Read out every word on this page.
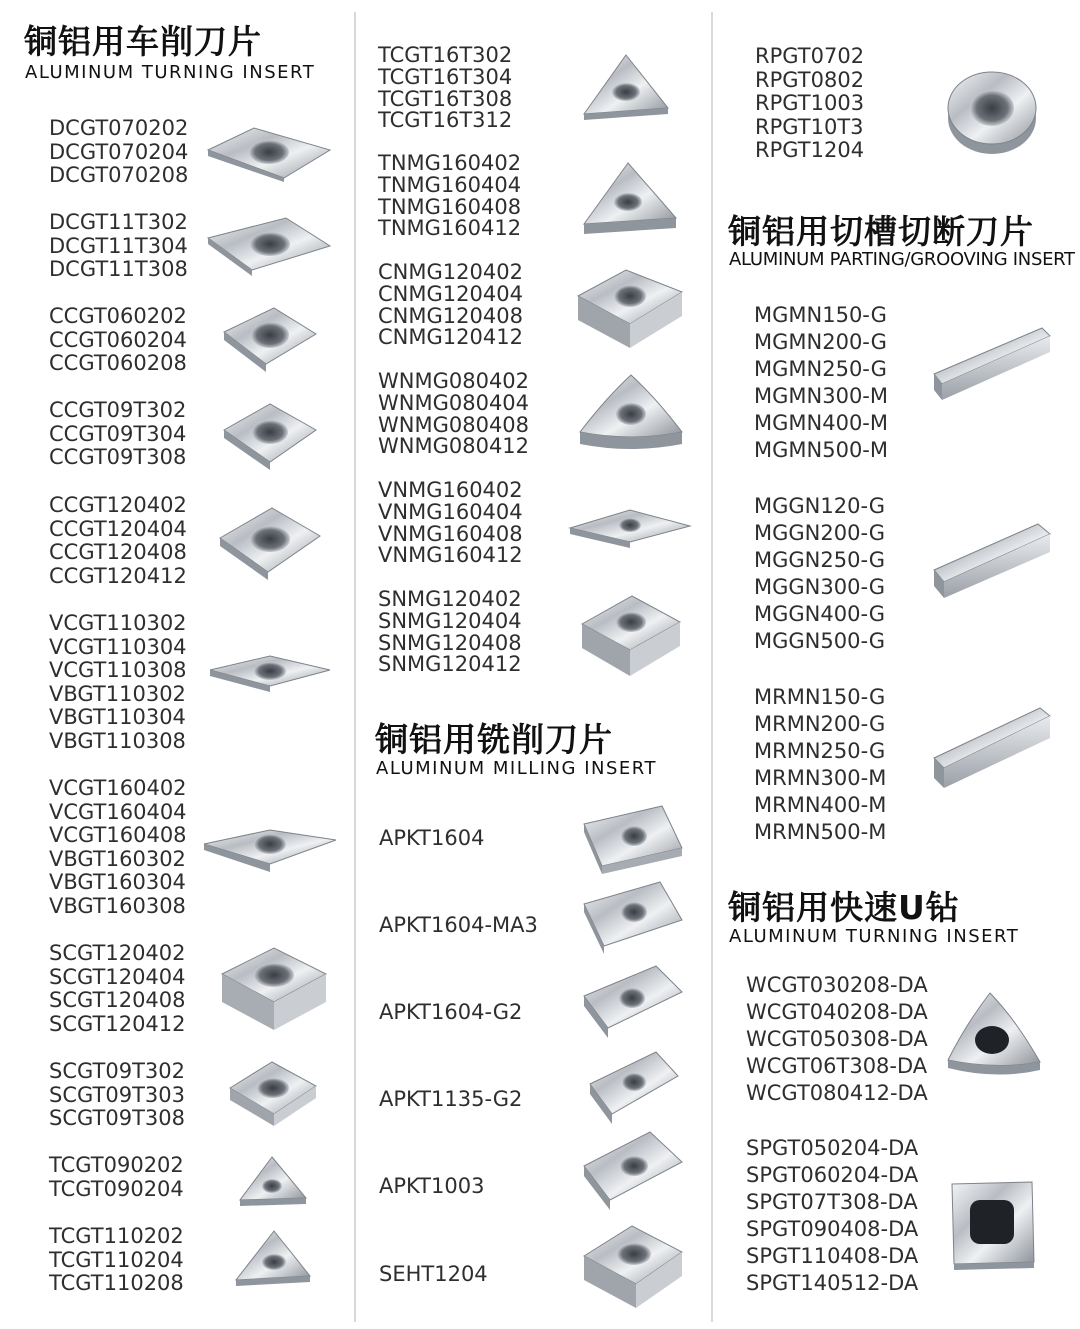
铜铝用车削刀片
ALUMINUM TURNING INSERT
DCGT070202
DCGT070204
DCGT070208
DCGT11T302
DCGT11T304
DCGT11T308
CCGT060202
CCGT060204
CCGT060208
CCGT09T302
CCGT09T304
CCGT09T308
CCGT120402
CCGT120404
CCGT120408
CCGT120412
VCGT110302
VCGT110304
VCGT110308
VBGT110302
VBGT110304
VBGT110308
VCGT160402
VCGT160404
VCGT160408
VBGT160302
VBGT160304
VBGT160308
SCGT120402
SCGT120404
SCGT120408
SCGT120412
SCGT09T302
SCGT09T303
SCGT09T308
TCGT090202
TCGT090204
TCGT110202
TCGT110204
TCGT110208
TCGT16T302
TCGT16T304
TCGT16T308
TCGT16T312
TNMG160402
TNMG160404
TNMG160408
TNMG160412
CNMG120402
CNMG120404
CNMG120408
CNMG120412
WNMG080402
WNMG080404
WNMG080408
WNMG080412
VNMG160402
VNMG160404
VNMG160408
VNMG160412
SNMG120402
SNMG120404
SNMG120408
SNMG120412
铜铝用铣削刀片
ALUMINUM MILLING INSERT
APKT1604
APKT1604-MA3
APKT1604-G2
APKT1135-G2
APKT1003
SEHT1204
RPGT0702
RPGT0802
RPGT1003
RPGT10T3
RPGT1204
铜铝用切槽切断刀片
ALUMINUM PARTING/GROOVING INSERT
MGMN150-G
MGMN200-G
MGMN250-G
MGMN300-M
MGMN400-M
MGMN500-M
MGGN120-G
MGGN200-G
MGGN250-G
MGGN300-G
MGGN400-G
MGGN500-G
MRMN150-G
MRMN200-G
MRMN250-G
MRMN300-M
MRMN400-M
MRMN500-M
铜铝用快速U钻
ALUMINUM TURNING INSERT
WCGT030208-DA
WCGT040208-DA
WCGT050308-DA
WCGT06T308-DA
WCGT080412-DA
SPGT050204-DA
SPGT060204-DA
SPGT07T308-DA
SPGT090408-DA
SPGT110408-DA
SPGT140512-DA
